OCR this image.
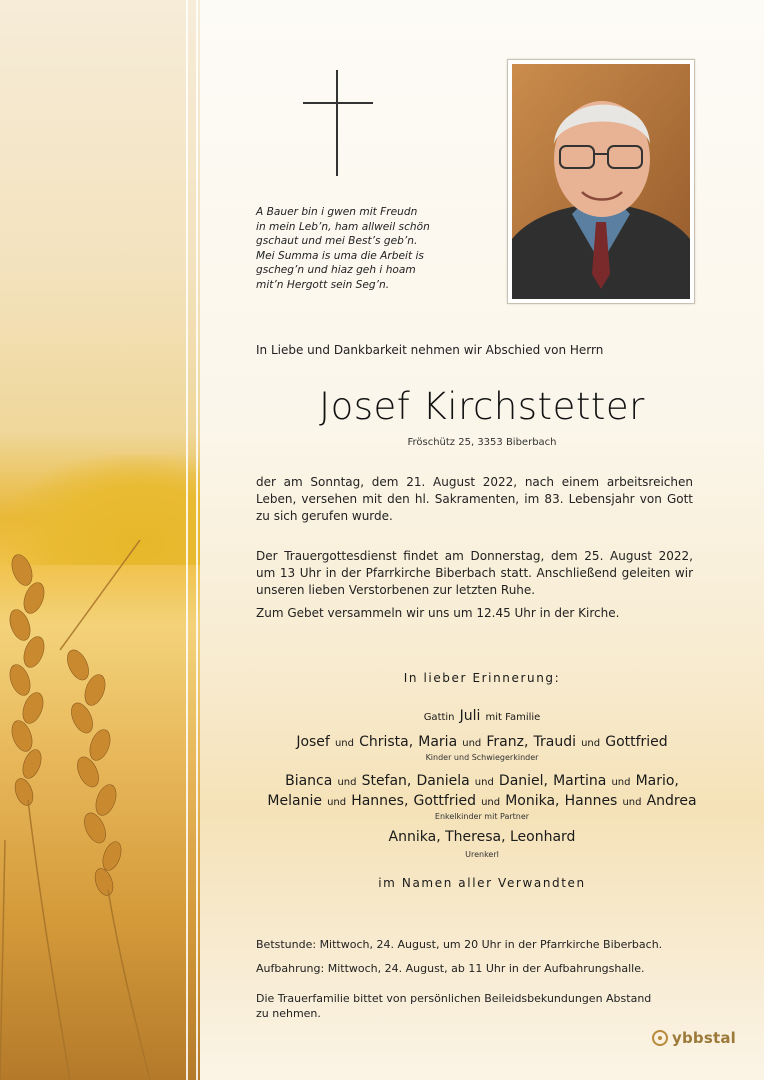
A Bauer bin i gwen mit Freudn
in mein Leb’n, ham allweil schön
gschaut und mei Best’s geb’n.
Mei Summa is uma die Arbeit is
gscheg’n und hiaz geh i hoam
mit’n Hergott sein Seg’n.
In Liebe und Dankbarkeit nehmen wir Abschied von Herrn
Josef Kirchstetter
Fröschütz 25, 3353 Biberbach

der am Sonntag, dem 21. August 2022, nach einem arbeitsreichen Leben, versehen mit den hl. Sakramenten, im 83. Lebensjahr von Gott zu sich gerufen wurde.

Der Trauergottesdienst findet am Donnerstag, dem 25. August 2022, um 13 Uhr in der Pfarrkirche Biberbach statt. Anschließend geleiten wir unseren lieben Verstorbenen zur letzten Ruhe.

Zum Gebet versammeln wir uns um 12.45 Uhr in der Kirche.

In lieber Erinnerung:
Gattin Juli mit Familie
Josef und Christa, Maria und Franz, Traudi und Gottfried
Kinder und Schwiegerkinder
Bianca und Stefan, Daniela und Daniel, Martina und Mario,
Melanie und Hannes, Gottfried und Monika, Hannes und Andrea
Enkelkinder mit Partner
Annika, Theresa, Leonhard
Urenkerl
im Namen aller Verwandten
Betstunde: Mittwoch, 24. August, um 20 Uhr in der Pfarrkirche Biberbach.
Aufbahrung: Mittwoch, 24. August, ab 11 Uhr in der Aufbahrungshalle.
Die Trauerfamilie bittet von persönlichen Beileidsbekundungen Abstand
zu nehmen.
ybbstal
